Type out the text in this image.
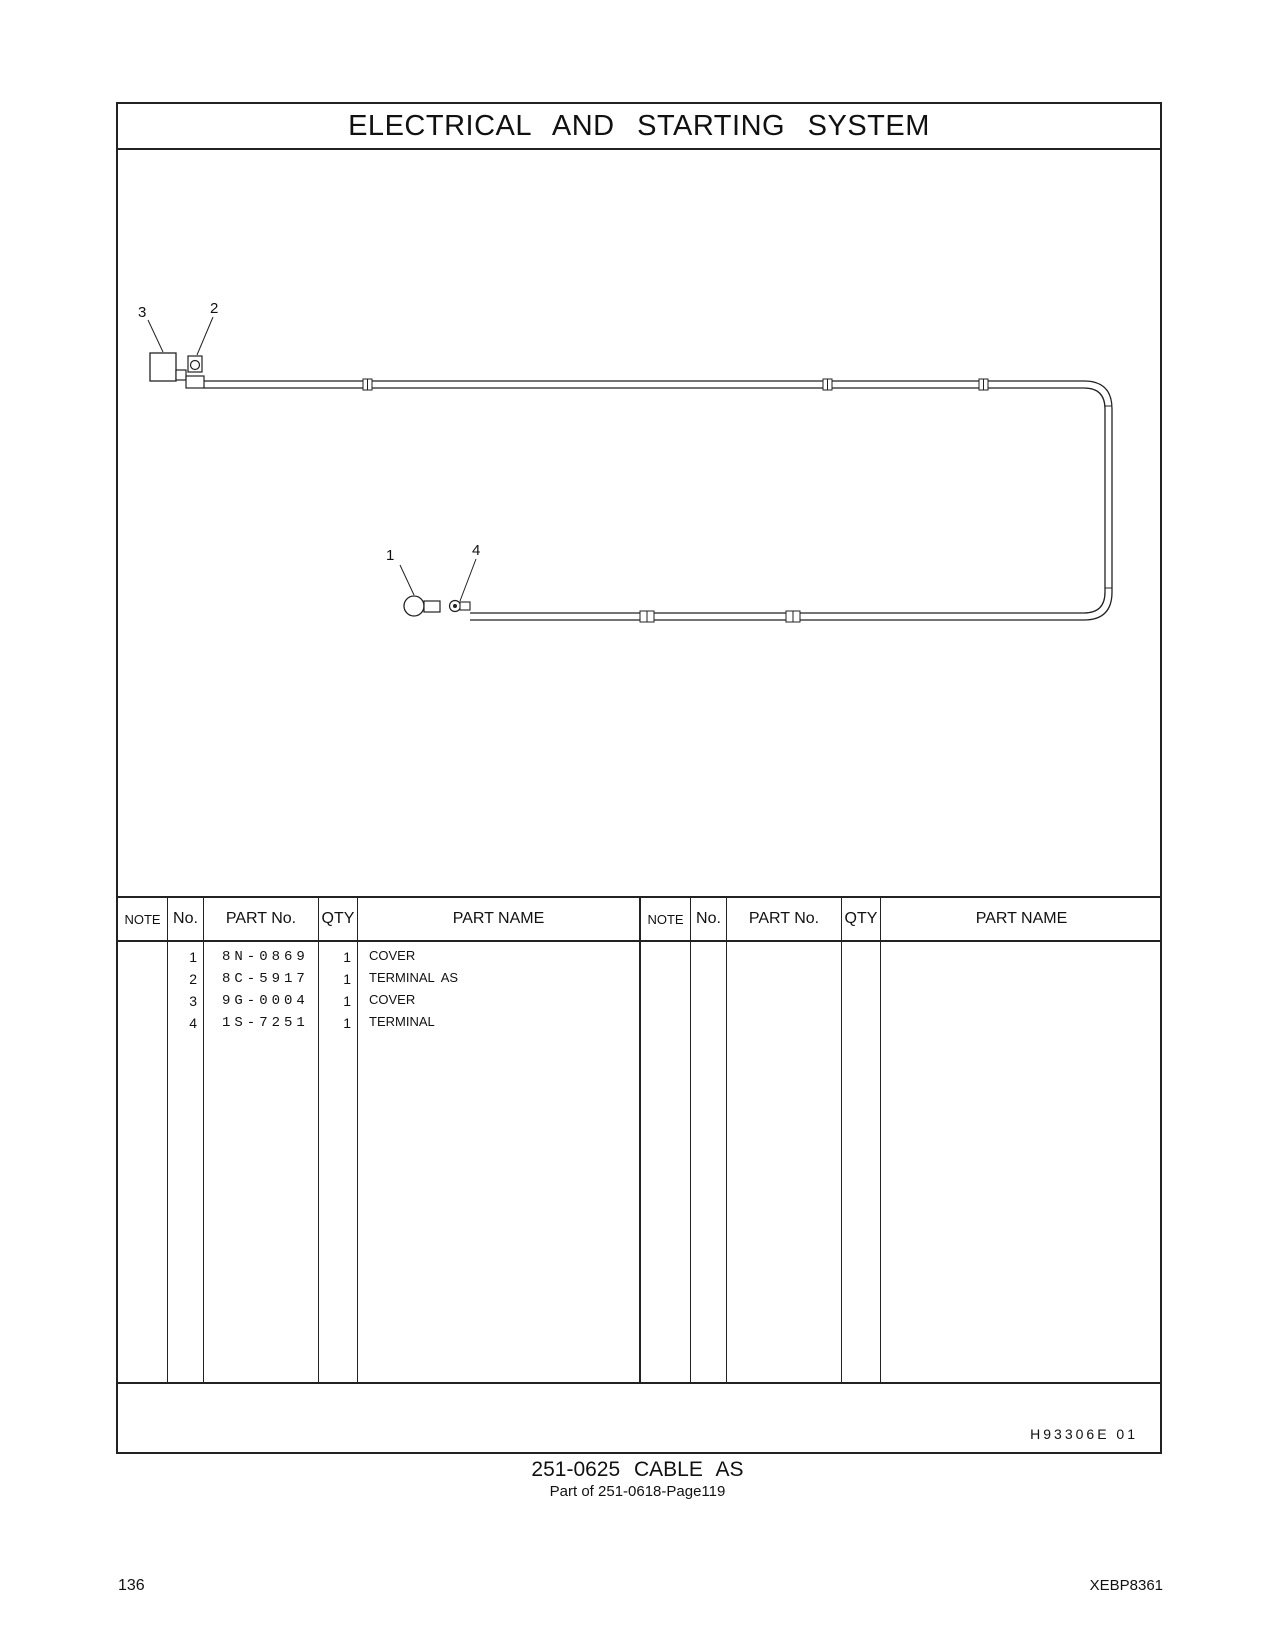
ELECTRICAL AND STARTING SYSTEM
3	2
1	4
NOTE No.	PART No.	QTY	PART NAME	NOTE No.	PART No.	QTY	PART NAME
1 8N-0869	1 COVER
2 8C-5917	1 TERMINAL  AS
3 9G-0004	1 COVER
4 1S-7251	1 TERMINAL
H93306E 01
251-0625 CABLE AS
Part of 251-0618-Page119
136	XEBP8361
